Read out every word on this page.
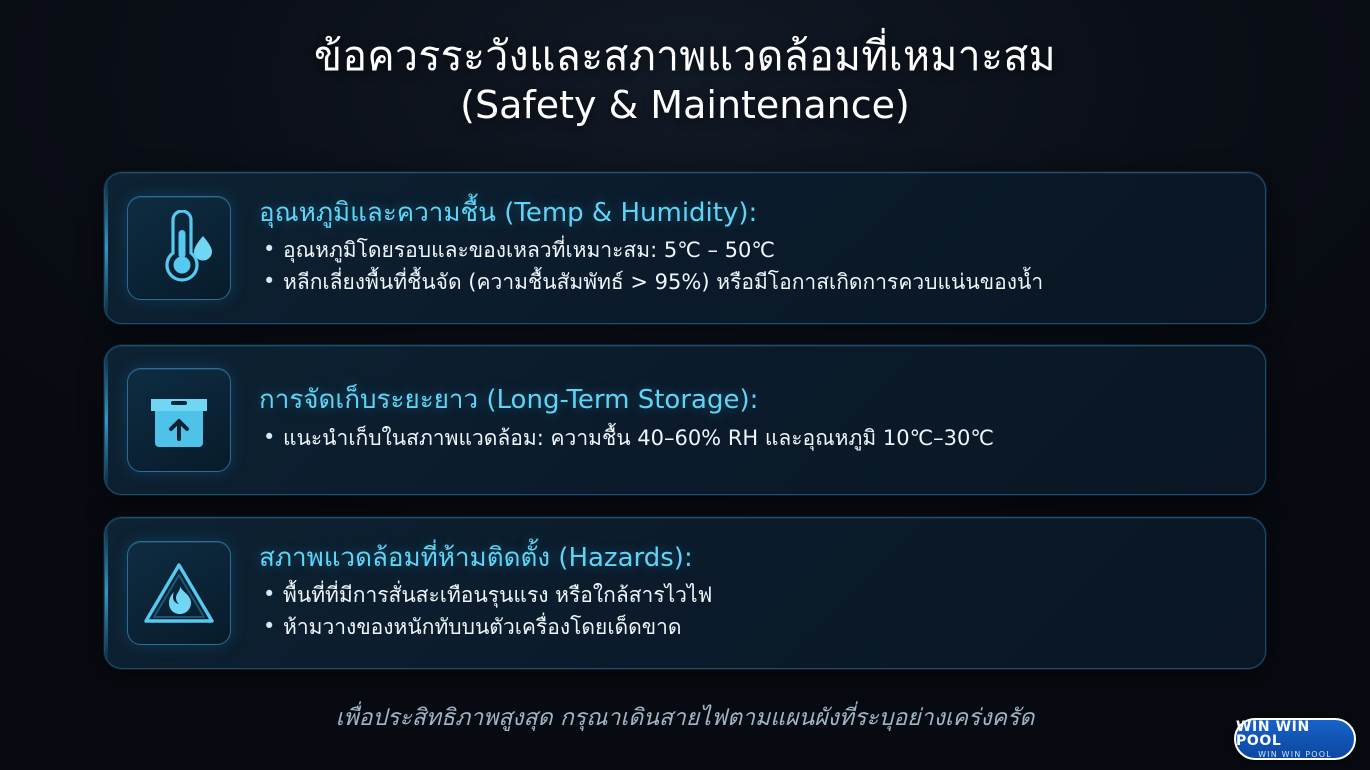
ข้อควรระวังและสภาพแวดล้อมที่เหมาะสม
(Safety & Maintenance)
อุณหภูมิและความชื้น (Temp & Humidity):
• อุณหภูมิโดยรอบและของเหลวที่เหมาะสม: 5℃ – 50℃
• หลีกเลี่ยงพื้นที่ชื้นจัด (ความชื้นสัมพัทธ์ > 95%) หรือมีโอกาสเกิดการควบแน่นของน้ำ
การจัดเก็บระยะยาว (Long-Term Storage):
• แนะนำเก็บในสภาพแวดล้อม: ความชื้น 40–60% RH และอุณหภูมิ 10℃–30℃
สภาพแวดล้อมที่ห้ามติดตั้ง (Hazards):
• พื้นที่ที่มีการสั่นสะเทือนรุนแรง หรือใกล้สารไวไฟ
• ห้ามวางของหนักทับบนตัวเครื่องโดยเด็ดขาด
เพื่อประสิทธิภาพสูงสุด กรุณาเดินสายไฟตามแผนผังที่ระบุอย่างเคร่งครัด	WIN WIN POOL
WIN WIN POOL
